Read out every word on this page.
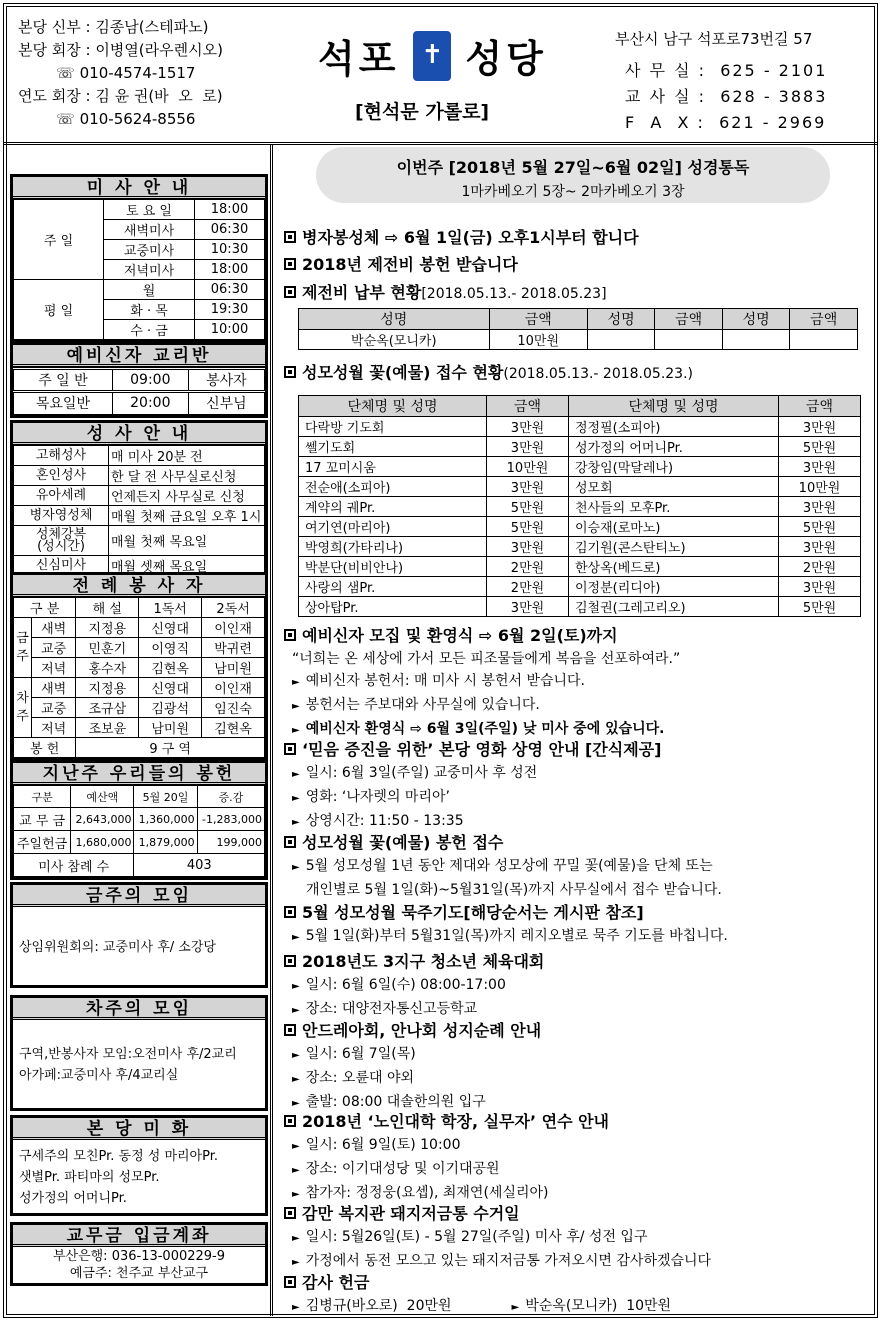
본당 신부 : 김종남(스테파노)
본당 회장 : 이병열(라우렌시오)
☏ 010-4574-1517
연도 회장 : 김 윤 권(바  오  로)
☏ 010-5624-8556
석포 ✝ 성당
[현석문 가롤로]
부산시 남구 석포로73번길 57
사 무 실 :  625 - 2101
교 사 실 :  628 - 3883
F  A  X :  621 - 2969
미 사 안 내
주 일	토 요 일	18:00
	새벽미사	06:30
	교중미사	10:30
	저녁미사	18:00
평 일	월	06:30
	화 · 목	19:30
	수 · 금	10:00
예비신자 교리반
주 일 반	09:00	봉사자
목요일반	20:00	신부님
성 사 안 내
고해성사	매 미사 20분 전
혼인성사	한 달 전 사무실로신청
유아세례	언제든지 사무실로 신청
병자영성체	매월 첫째 금요일 오후 1시
성체강복
(성시간)	매월 첫째 목요일
신심미사	매월 셋째 목요일
전 례 봉 사 자
구 분		해 설	1독서	2독서
금주	새벽	지정용	신영대	이인재
	교중	민훈기	이영직	박귀련
	저녁	홍수자	김현옥	남미원
차주	새벽	지정용	신영대	이인재
	교중	조규삼	김광석	임진숙
	저녁	조보윤	남미원	김현옥
봉 헌		9 구 역		
지난주 우리들의 봉헌
구분	예산액	5월 20일	증.감
교 무 금	2,643,000	1,360,000	-1,283,000
주일헌금	1,680,000	1,879,000	199,000
미사 참례 수		403	
금주의 모임
상임위원회의: 교중미사 후/ 소강당
차주의 모임
구역,반봉사자 모임:오전미사 후/2교리
아가페:교중미사 후/4교리실
본 당 미 화
구세주의 모친Pr. 동정 성 마리아Pr.
샛별Pr. 파티마의 성모Pr.
성가정의 어머니Pr.
교무금 입금계좌
부산은행: 036-13-000229-9
예금주: 천주교 부산교구
이번주 [2018년 5월 27일~6월 02일] 성경통독
1마카베오기 5장~ 2마카베오기 3장
병자봉성체 ⇨ 6월 1일(금) 오후1시부터 합니다
2018년 제전비 봉헌 받습니다
제전비 납부 현황[2018.05.13.- 2018.05.23]
성명	금액	성명	금액	성명	금액
박순옥(모니카)	10만원				
성모성월 꽃(예물) 접수 현황(2018.05.13.- 2018.05.23.)
단체명 및 성명	금액	단체명 및 성명	금액
다락방 기도회	3만원	정정필(소피아)	3만원
쎌기도회	3만원	성가정의 어머니Pr.	5만원
17 꼬미시움	10만원	강창임(막달레나)	3만원
전순애(소피아)	3만원	성모회	10만원
계약의 궤Pr.	5만원	천사들의 모후Pr.	3만원
여기연(마리아)	5만원	이승재(로마노)	5만원
박영희(가타리나)	3만원	김기원(콘스탄티노)	3만원
박분단(비비안나)	2만원	한상옥(베드로)	2만원
사랑의 샘Pr.	2만원	이정분(리디아)	3만원
상아탑Pr.	3만원	김철권(그레고리오)	5만원
예비신자 모집 및 환영식 ⇨ 6월 2일(토)까지
“너희는 온 세상에 가서 모든 피조물들에게 복음을 선포하여라.”
► 예비신자 봉헌서: 매 미사 시 봉헌서 받습니다.
► 봉헌서는 주보대와 사무실에 있습니다.
► 예비신자 환영식 ⇨ 6월 3일(주일) 낮 미사 중에 있습니다.
‘믿음 증진을 위한’ 본당 영화 상영 안내 [간식제공]
► 일시: 6월 3일(주일) 교중미사 후 성전
► 영화: ‘나자렛의 마리아’
► 상영시간: 11:50 - 13:35
성모성월 꽃(예물) 봉헌 접수
► 5월 성모성월 1년 동안 제대와 성모상에 꾸밀 꽃(예물)을 단체 또는
개인별로 5월 1일(화)~5월31일(목)까지 사무실에서 접수 받습니다.
5월 성모성월 묵주기도[해당순서는 게시판 참조]
► 5월 1일(화)부터 5월31일(목)까지 레지오별로 묵주 기도를 바칩니다.
2018년도 3지구 청소년 체육대회
► 일시: 6월 6일(수) 08:00-17:00
► 장소: 대양전자통신고등학교
안드레아회, 안나회 성지순례 안내
► 일시: 6월 7일(목)
► 장소: 오륜대 야외
► 출발: 08:00 대솔한의원 입구
2018년 ‘노인대학 학장, 실무자’ 연수 안내
► 일시: 6월 9일(토) 10:00
► 장소: 이기대성당 및 이기대공원
► 참가자: 정정웅(요셉), 최재연(세실리아)
감만 복지관 돼지저금통 수거일
► 일시: 5월26일(토) - 5월 27일(주일) 미사 후/ 성전 입구
► 가정에서 동전 모으고 있는 돼지저금통 가져오시면 감사하겠습니다
감사 헌금
► 김병규(바오로)  20만원	► 박순옥(모니카)  10만원
